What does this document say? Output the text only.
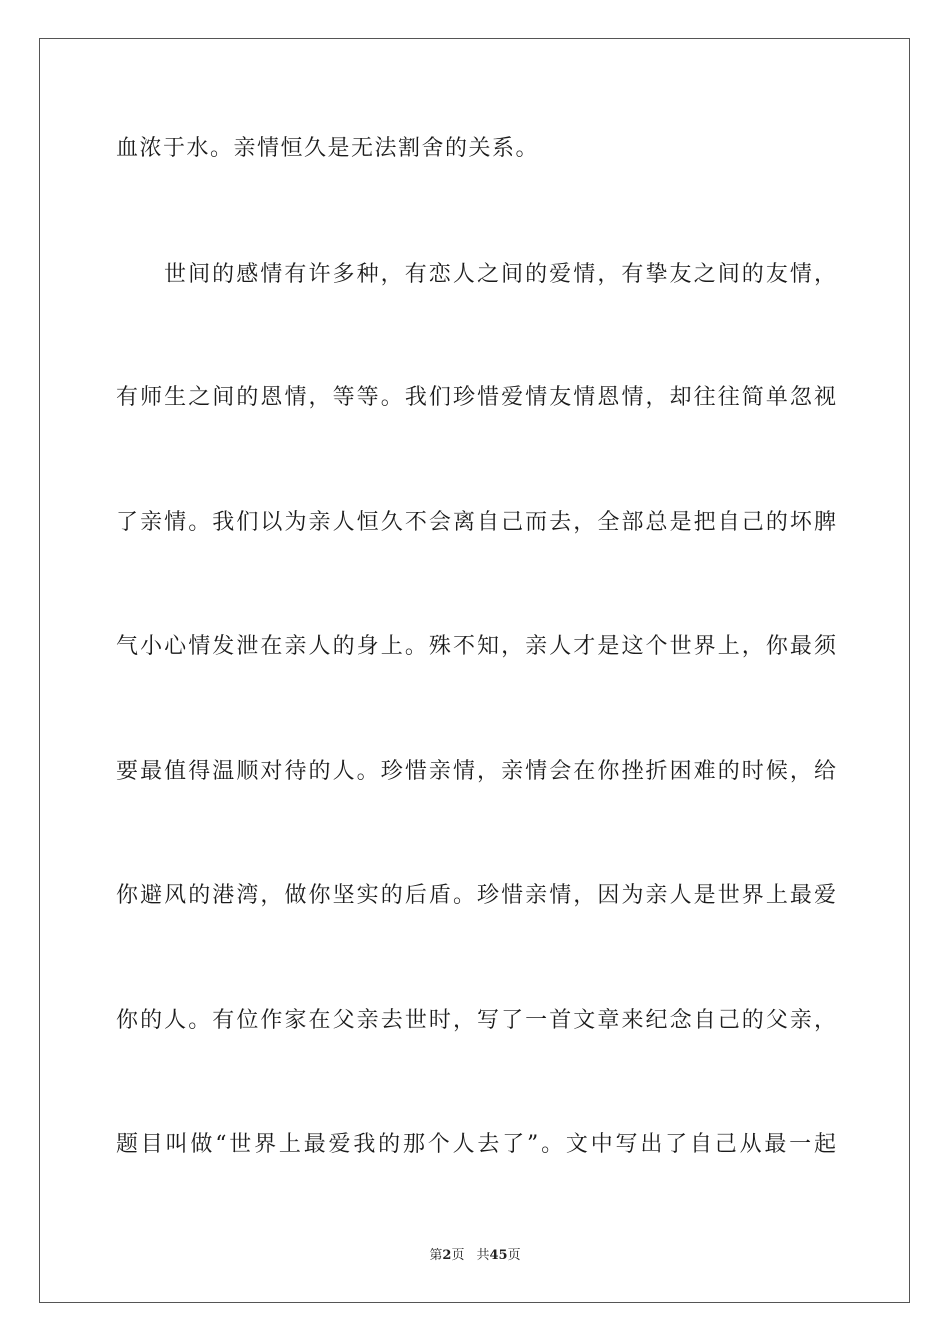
血浓于水。亲情恒久是无法割舍的关系。
世间的感情有许多种，有恋人之间的爱情，有挚友之间的友情，
有师生之间的恩情，等等。我们珍惜爱情友情恩情，却往往简单忽视
了亲情。我们以为亲人恒久不会离自己而去，全部总是把自己的坏脾
气小心情发泄在亲人的身上。殊不知，亲人才是这个世界上，你最须
要最值得温顺对待的人。珍惜亲情，亲情会在你挫折困难的时候，给
你避风的港湾，做你坚实的后盾。珍惜亲情，因为亲人是世界上最爱
你的人。有位作家在父亲去世时，写了一首文章来纪念自己的父亲，
题目叫做“世界上最爱我的那个人去了”。文中写出了自己从最一起
第2页 共45页
